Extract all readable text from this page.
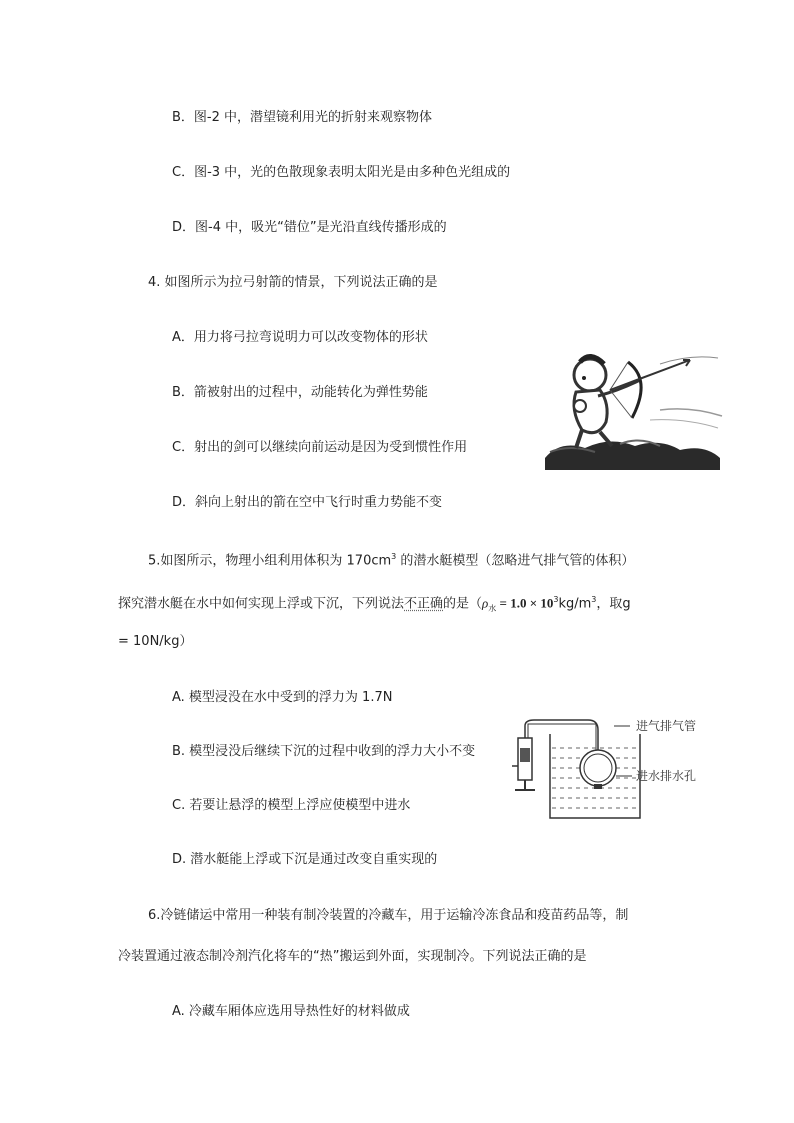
B．图-2 中，潜望镜利用光的折射来观察物体
C．图-3 中，光的色散现象表明太阳光是由多种色光组成的
D．图-4 中，吸光“错位”是光沿直线传播形成的
4. 如图所示为拉弓射箭的情景，下列说法正确的是
A．用力将弓拉弯说明力可以改变物体的形状
B．箭被射出的过程中，动能转化为弹性势能
C．射出的剑可以继续向前运动是因为受到惯性作用
D．斜向上射出的箭在空中飞行时重力势能不变
5.如图所示，物理小组利用体积为 $170cm^3$ 的潜水艇模型（忽略进气排气管的体积）
探究潜水艇在水中如何实现上浮或下沉，下列说法不正确的是（$\rho_水 = 1.0 \times 10^3kg/m^3$，取g
= 10N/kg）
A. 模型浸没在水中受到的浮力为 1.7N
B. 模型浸没后继续下沉的过程中收到的浮力大小不变
C. 若要让悬浮的模型上浮应使模型中进水
D. 潜水艇能上浮或下沉是通过改变自重实现的
进气排气管
进水排水孔
6.冷链储运中常用一种装有制冷装置的冷藏车，用于运输冷冻食品和疫苗药品等，制
冷装置通过液态制冷剂汽化将车的“热”搬运到外面，实现制冷。下列说法正确的是
A. 冷藏车厢体应选用导热性好的材料做成
